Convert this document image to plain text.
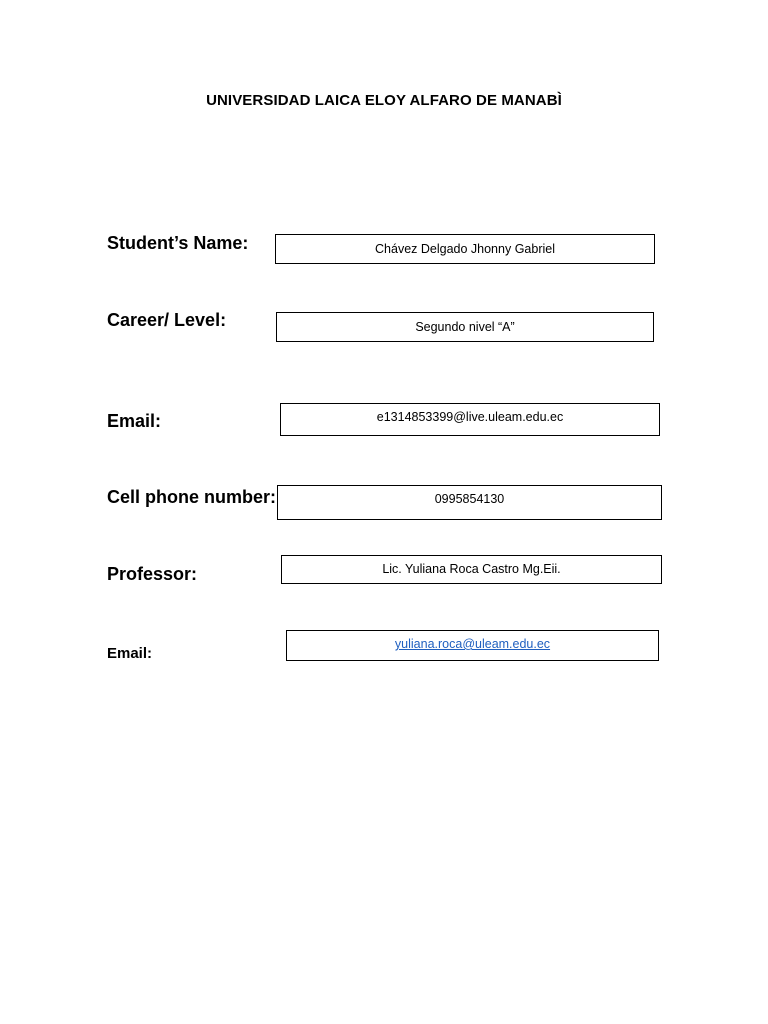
UNIVERSIDAD LAICA ELOY ALFARO DE MANABÌ
Student’s Name:	Chávez Delgado Jhonny Gabriel
Career/ Level:	Segundo nivel “A”
Email:	e1314853399@live.uleam.edu.ec
Cell phone number:	0995854130
Professor:	Lic. Yuliana Roca Castro Mg.Eii.
Email:
yuliana.roca@uleam.edu.ec
